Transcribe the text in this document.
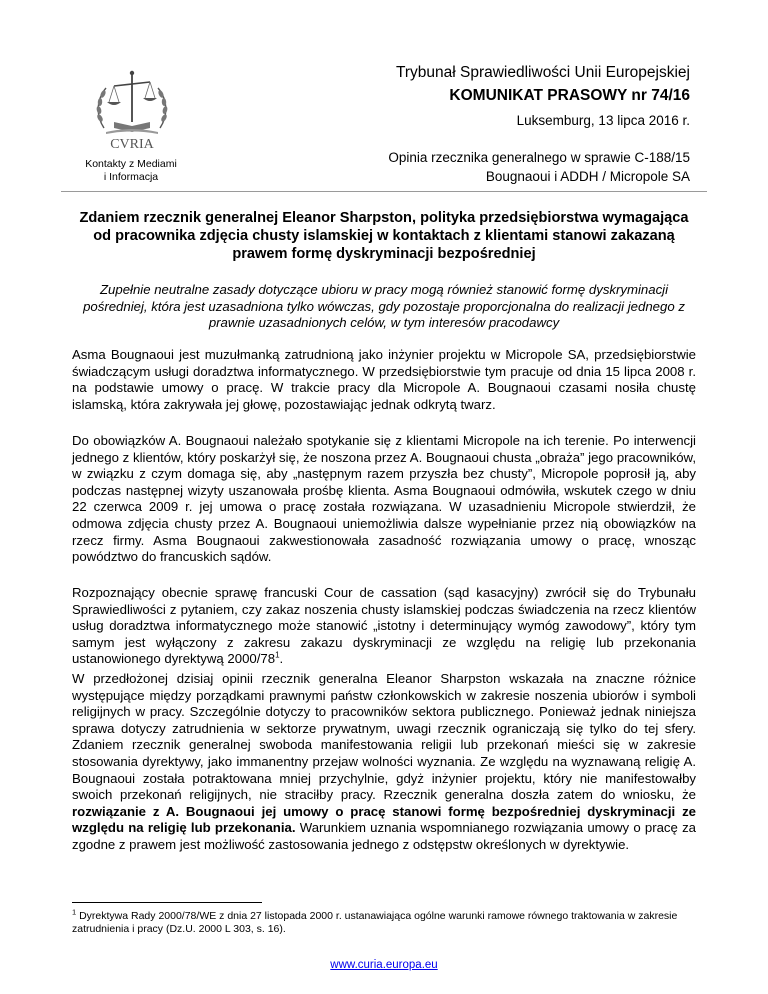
CVRIA
Kontakty z Mediami
i Informacja
Trybunał Sprawiedliwości Unii Europejskiej
KOMUNIKAT PRASOWY nr 74/16
Luksemburg, 13 lipca 2016 r.
Opinia rzecznika generalnego w sprawie C-188/15
Bougnaoui i ADDH / Micropole SA
Zdaniem rzecznik generalnej Eleanor Sharpston, polityka przedsiębiorstwa wymagająca od pracownika zdjęcia chusty islamskiej w kontaktach z klientami stanowi zakazaną prawem formę dyskryminacji bezpośredniej
Zupełnie neutralne zasady dotyczące ubioru w pracy mogą również stanowić formę dyskryminacji pośredniej, która jest uzasadniona tylko wówczas, gdy pozostaje proporcjonalna do realizacji jednego z prawnie uzasadnionych celów, w tym interesów pracodawcy

Asma Bougnaoui jest muzułmanką zatrudnioną jako inżynier projektu w Micropole SA, przedsiębiorstwie świadczącym usługi doradztwa informatycznego. W przedsiębiorstwie tym pracuje od dnia 15 lipca 2008 r. na podstawie umowy o pracę. W trakcie pracy dla Micropole A. Bougnaoui czasami nosiła chustę islamską, która zakrywała jej głowę, pozostawiając jednak odkrytą twarz.

Do obowiązków A. Bougnaoui należało spotykanie się z klientami Micropole na ich terenie. Po interwencji jednego z klientów, który poskarżył się, że noszona przez A. Bougnaoui chusta „obraża” jego pracowników, w związku z czym domaga się, aby „następnym razem przyszła bez chusty”, Micropole poprosił ją, aby podczas następnej wizyty uszanowała prośbę klienta. Asma Bougnaoui odmówiła, wskutek czego w dniu 22 czerwca 2009 r. jej umowa o pracę została rozwiązana. W uzasadnieniu Micropole stwierdził, że odmowa zdjęcia chusty przez A. Bougnaoui uniemożliwia dalsze wypełnianie przez nią obowiązków na rzecz firmy. Asma Bougnaoui zakwestionowała zasadność rozwiązania umowy o pracę, wnosząc powództwo do francuskich sądów.

Rozpoznający obecnie sprawę francuski Cour de cassation (sąd kasacyjny) zwrócił się do Trybunału Sprawiedliwości z pytaniem, czy zakaz noszenia chusty islamskiej podczas świadczenia na rzecz klientów usług doradztwa informatycznego może stanowić „istotny i determinujący wymóg zawodowy”, który tym samym jest wyłączony z zakresu zakazu dyskryminacji ze względu na religię lub przekonania ustanowionego dyrektywą $2000/78^1$.

W przedłożonej dzisiaj opinii rzecznik generalna Eleanor Sharpston wskazała na znaczne różnice występujące między porządkami prawnymi państw członkowskich w zakresie noszenia ubiorów i symboli religijnych w pracy. Szczególnie dotyczy to pracowników sektora publicznego. Ponieważ jednak niniejsza sprawa dotyczy zatrudnienia w sektorze prywatnym, uwagi rzecznik ograniczają się tylko do tej sfery. Zdaniem rzecznik generalnej swoboda manifestowania religii lub przekonań mieści się w zakresie stosowania dyrektywy, jako immanentny przejaw wolności wyznania. Ze względu na wyznawaną religię A. Bougnaoui została potraktowana mniej przychylnie, gdyż inżynier projektu, który nie manifestowałby swoich przekonań religijnych, nie straciłby pracy. Rzecznik generalna doszła zatem do wniosku, że rozwiązanie z A. Bougnaoui jej umowy o pracę stanowi formę bezpośredniej dyskryminacji ze względu na religię lub przekonania. Warunkiem uznania wspomnianego rozwiązania umowy o pracę za zgodne z prawem jest możliwość zastosowania jednego z odstępstw określonych w dyrektywie.

$^1$ Dyrektywa Rady 2000/78/WE z dnia 27 listopada 2000 r. ustanawiająca ogólne warunki ramowe równego traktowania w zakresie zatrudnienia i pracy (Dz.U. 2000 L 303, s. 16).
www.curia.europa.eu
